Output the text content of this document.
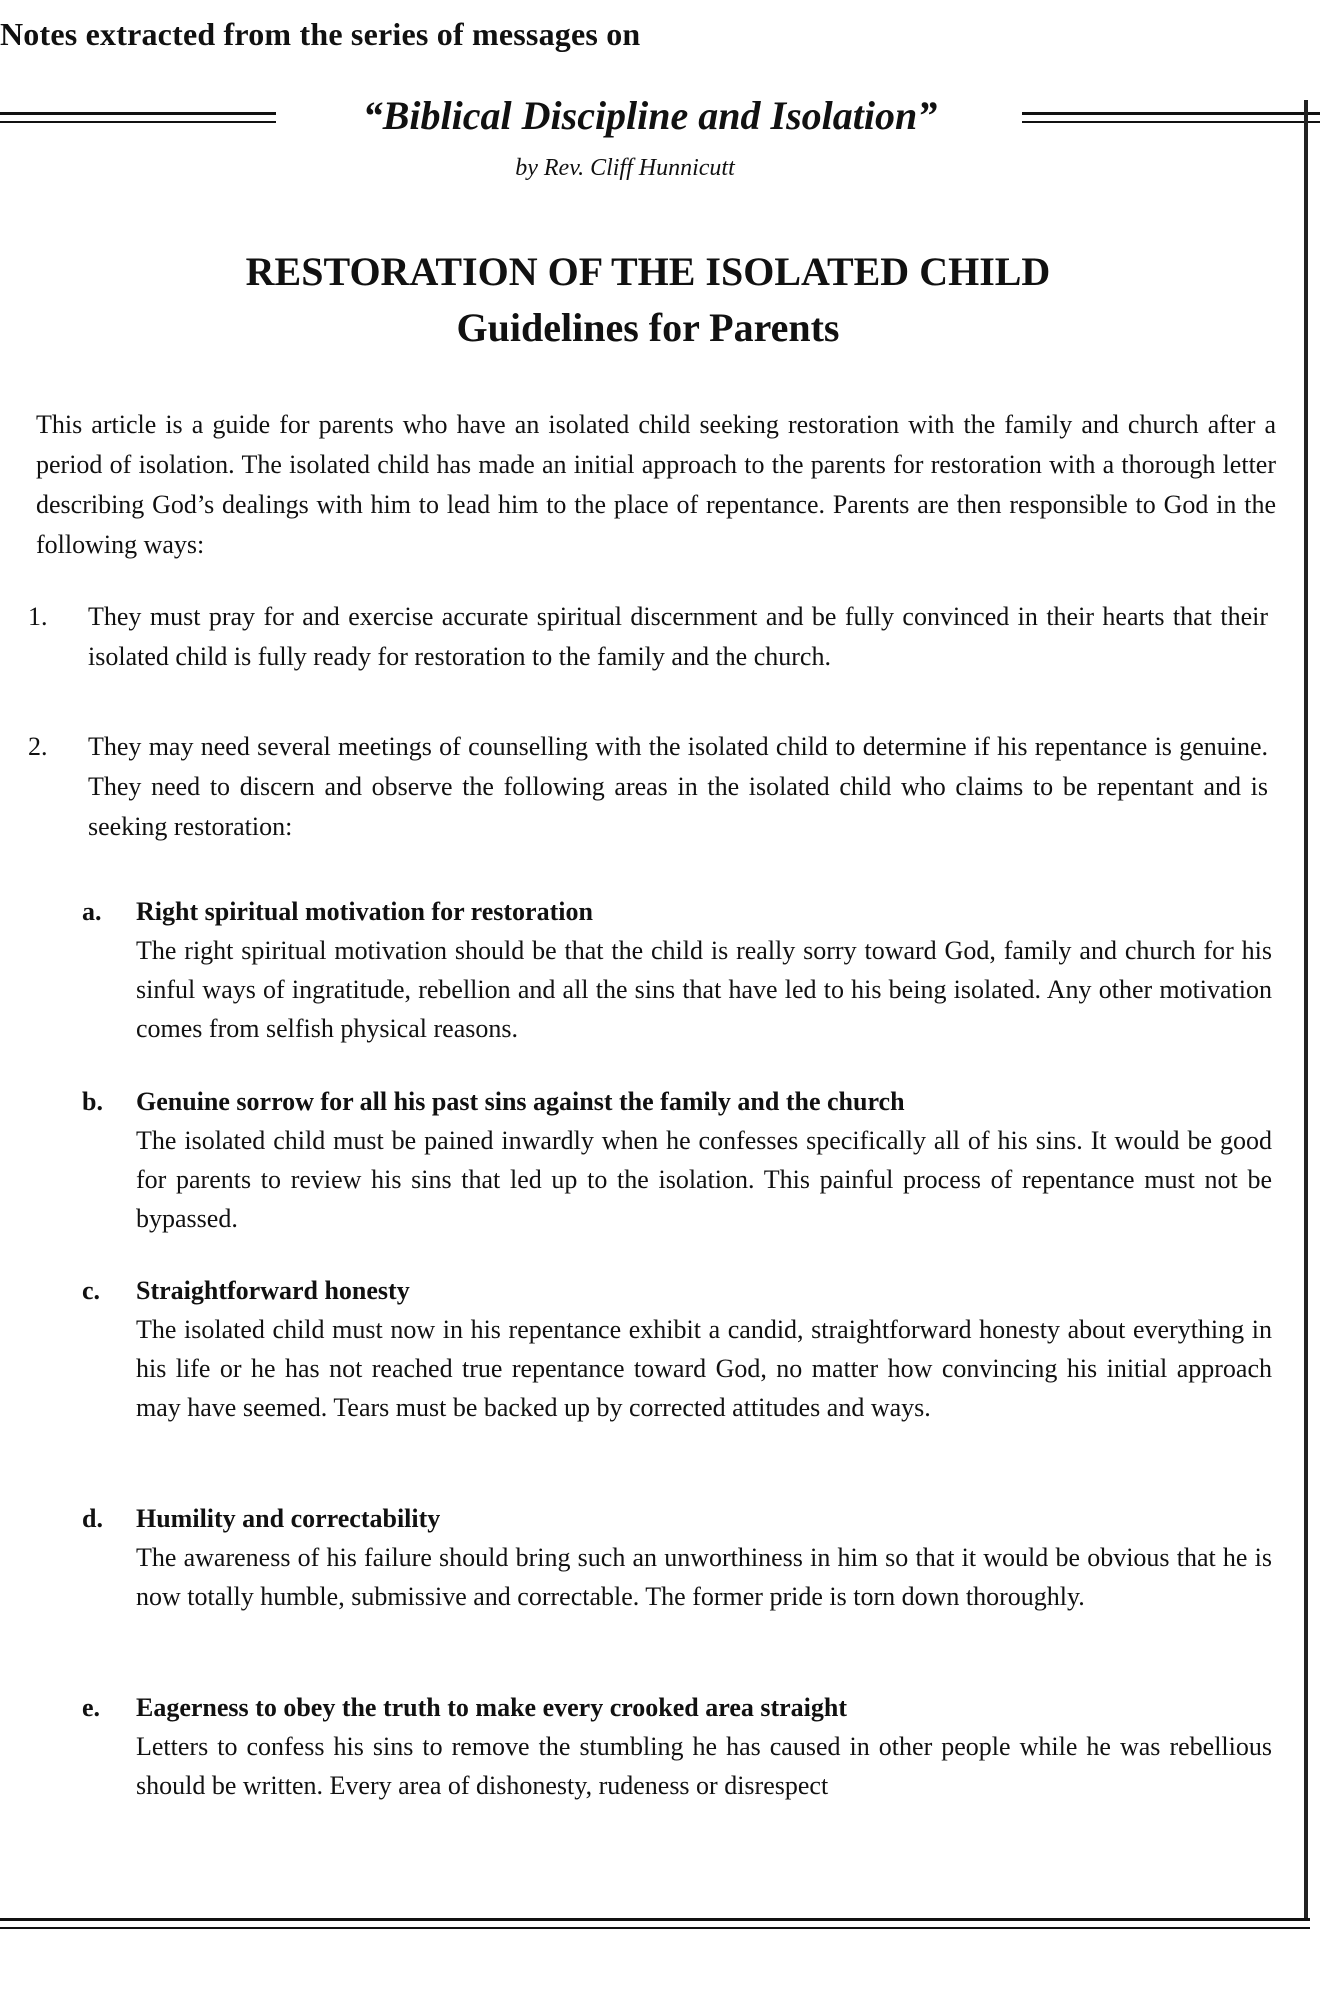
Notes extracted from the series of messages on
“Biblical Discipline and Isolation”
by Rev. Cliff Hunnicutt
RESTORATION OF THE ISOLATED CHILD
Guidelines for Parents

This article is a guide for parents who have an isolated child seeking restoration with the family and church after a period of isolation. The isolated child has made an initial approach to the parents for restoration with a thorough letter describing God’s dealings with him to lead him to the place of repentance. Parents are then responsible to God in the following ways:

1.	They must pray for and exercise accurate spiritual discernment and be fully convinced in their hearts that their isolated child is fully ready for restoration to the family and the church.
2.	They may need several meetings of counselling with the isolated child to determine if his repentance is genuine. They need to discern and observe the following areas in the isolated child who claims to be repentant and is seeking restoration:
a. Right spiritual motivation for restoration
The right spiritual motivation should be that the child is really sorry toward God, family and church for his sinful ways of ingratitude, rebellion and all the sins that have led to his being isolated. Any other motivation comes from selfish physical reasons.
b. Genuine sorrow for all his past sins against the family and the church
The isolated child must be pained inwardly when he confesses specifically all of his sins. It would be good for parents to review his sins that led up to the isolation. This painful process of repentance must not be bypassed.
c. Straightforward honesty
The isolated child must now in his repentance exhibit a candid, straightforward honesty about everything in his life or he has not reached true repentance toward God, no matter how convincing his initial approach may have seemed. Tears must be backed up by corrected attitudes and ways.
d. Humility and correctability
The awareness of his failure should bring such an unworthiness in him so that it would be obvious that he is now totally humble, submissive and correctable. The former pride is torn down thoroughly.
e. Eagerness to obey the truth to make every crooked area straight
Letters to confess his sins to remove the stumbling he has caused in other people while he was rebellious should be written. Every area of dishonesty, rudeness or disrespect
